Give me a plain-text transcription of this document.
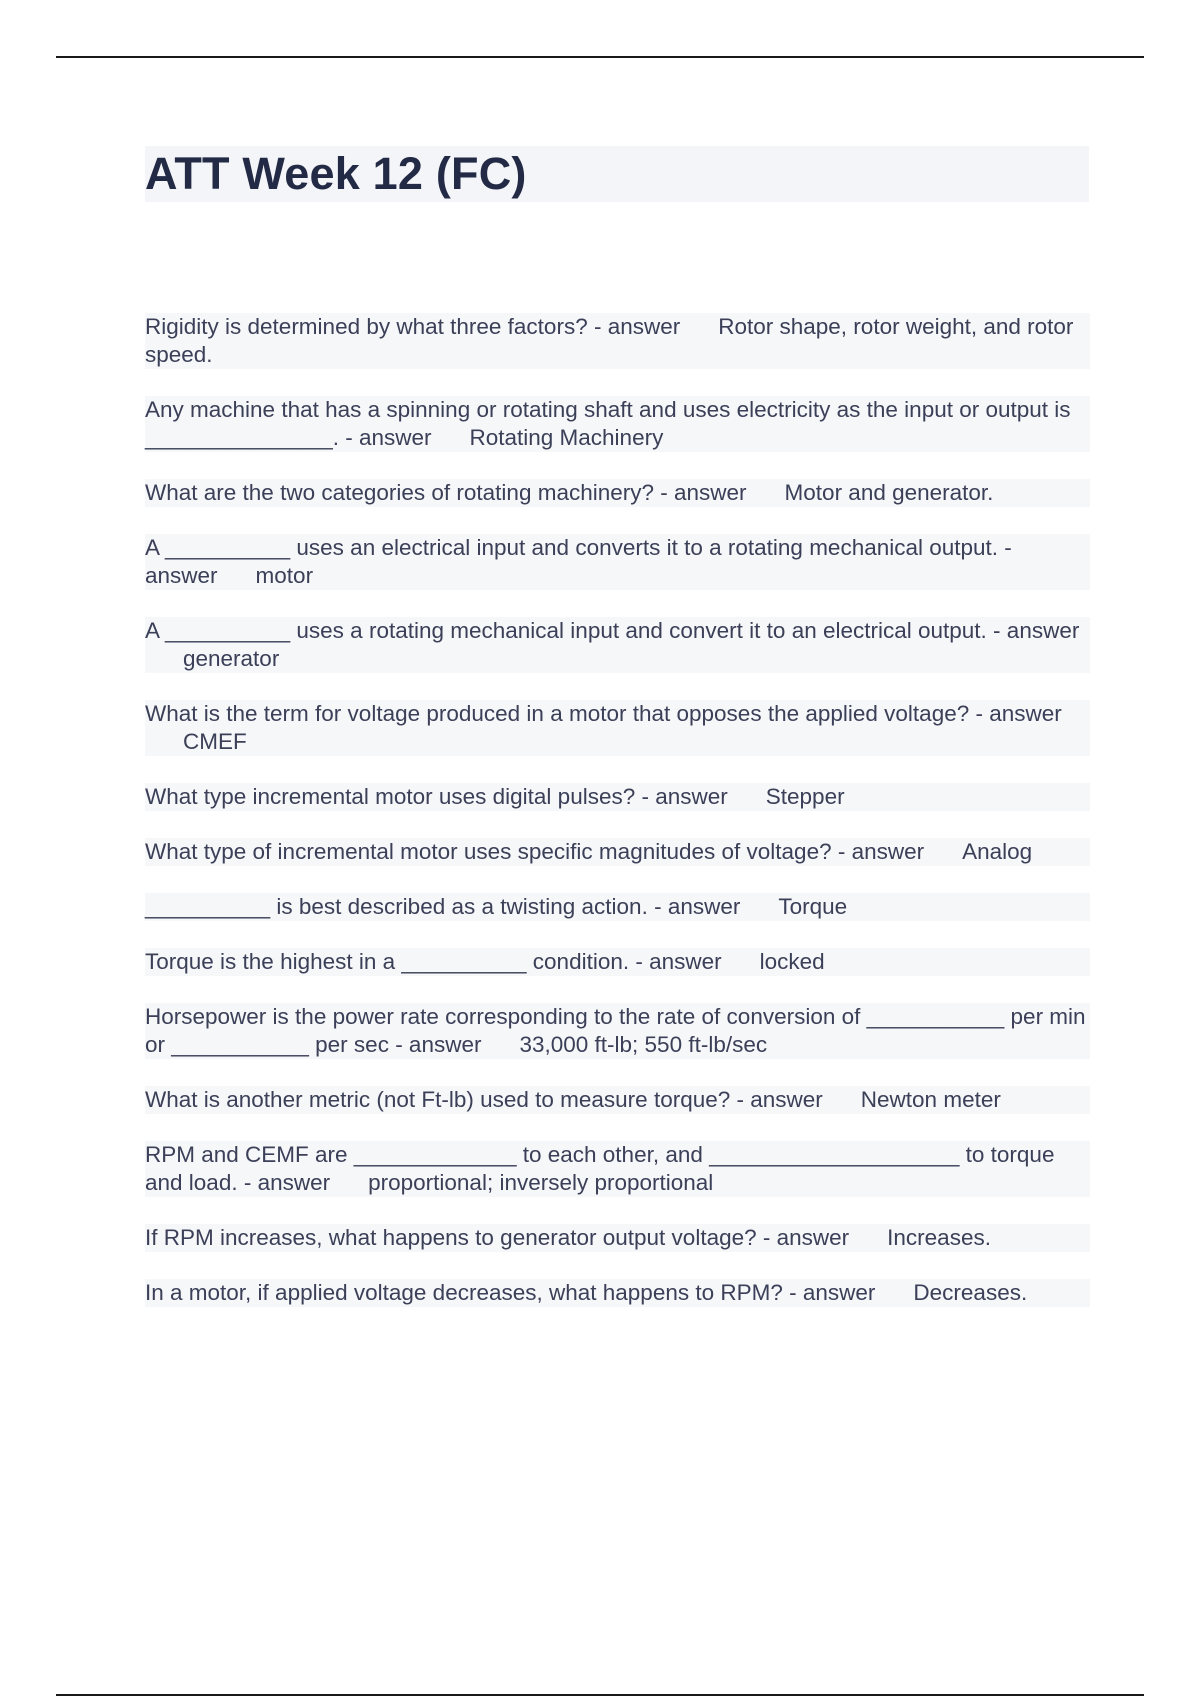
ATT Week 12 (FC)

Rigidity is determined by what three factors? - answer Rotor shape, rotor weight, and rotor speed.

Any machine that has a spinning or rotating shaft and uses electricity as the input or output is _______________. - answer Rotating Machinery

What are the two categories of rotating machinery? - answer Motor and generator.

A __________ uses an electrical input and converts it to a rotating mechanical output. - answer motor

A __________ uses a rotating mechanical input and convert it to an electrical output. - answergenerator

What is the term for voltage produced in a motor that opposes the applied voltage? - answerCMEF

What type incremental motor uses digital pulses? - answer Stepper

What type of incremental motor uses specific magnitudes of voltage? - answer Analog

__________ is best described as a twisting action. - answer Torque

Torque is the highest in a __________ condition. - answer locked

Horsepower is the power rate corresponding to the rate of conversion of ___________ per min or ___________ per sec - answer 33,000 ft-lb; 550 ft-lb/sec

What is another metric (not Ft-lb) used to measure torque? - answer Newton meter

RPM and CEMF are _____________ to each other, and ____________________ to torque and load. - answer proportional; inversely proportional

If RPM increases, what happens to generator output voltage? - answer Increases.

In a motor, if applied voltage decreases, what happens to RPM? - answer Decreases.
